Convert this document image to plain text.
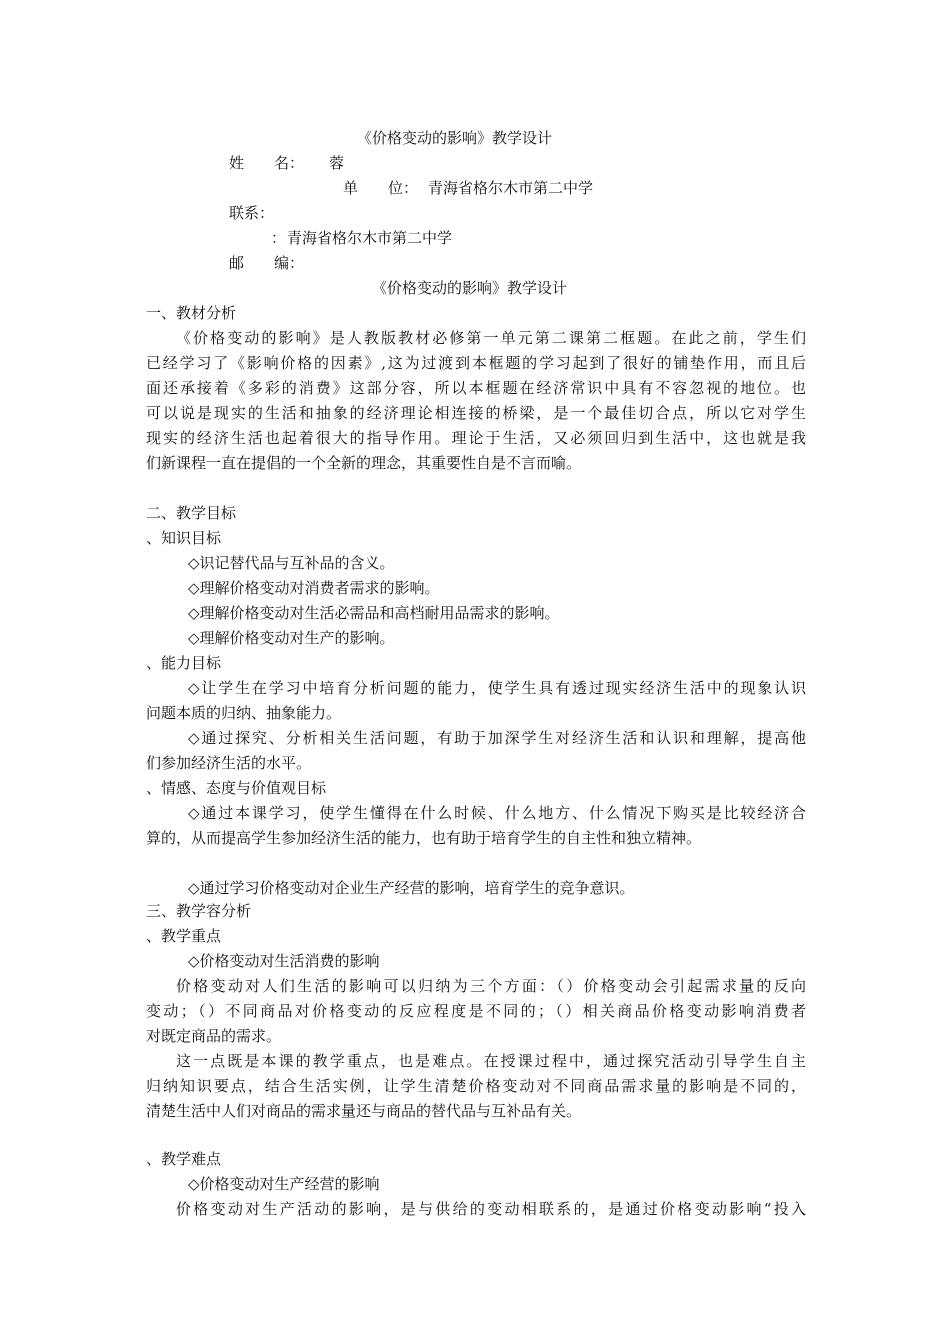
《价格变动的影响》教学设计
姓　　名： 蓉
单　　位： 青海省格尔木市第二中学
联系：
： 青海省格尔木市第二中学
邮　　编：
《价格变动的影响》教学设计
一、教材分析
《价格变动的影响》是人教版教材必修第一单元第二课第二框题。在此之前，学生们
已经学习了《影响价格的因素》,这为过渡到本框题的学习起到了很好的铺垫作用，而且后
面还承接着《多彩的消费》这部分容，所以本框题在经济常识中具有不容忽视的地位。也
可以说是现实的生活和抽象的经济理论相连接的桥梁，是一个最佳切合点，所以它对学生
现实的经济生活也起着很大的指导作用。理论于生活，又必须回归到生活中，这也就是我
们新课程一直在提倡的一个全新的理念，其重要性自是不言而喻。
二、教学目标
、知识目标
◇识记替代品与互补品的含义。
◇理解价格变动对消费者需求的影响。
◇理解价格变动对生活必需品和高档耐用品需求的影响。
◇理解价格变动对生产的影响。
、能力目标
◇让学生在学习中培育分析问题的能力，使学生具有透过现实经济生活中的现象认识
问题本质的归纳、抽象能力。
◇通过探究、分析相关生活问题，有助于加深学生对经济生活和认识和理解，提高他
们参加经济生活的水平。
、情感、态度与价值观目标
◇通过本课学习，使学生懂得在什么时候、什么地方、什么情况下购买是比较经济合
算的，从而提高学生参加经济生活的能力，也有助于培育学生的自主性和独立精神。
◇通过学习价格变动对企业生产经营的影响，培育学生的竞争意识。
三、教学容分析
、教学重点
◇价格变动对生活消费的影响
价格变动对人们生活的影响可以归纳为三个方面：（）价格变动会引起需求量的反向
变动；（）不同商品对价格变动的反应程度是不同的；（）相关商品价格变动影响消费者
对既定商品的需求。
这一点既是本课的教学重点，也是难点。在授课过程中，通过探究活动引导学生自主
归纳知识要点，结合生活实例，让学生清楚价格变动对不同商品需求量的影响是不同的，
清楚生活中人们对商品的需求量还与商品的替代品与互补品有关。
、教学难点
◇价格变动对生产经营的影响
价格变动对生产活动的影响，是与供给的变动相联系的，是通过价格变动影响“投入
